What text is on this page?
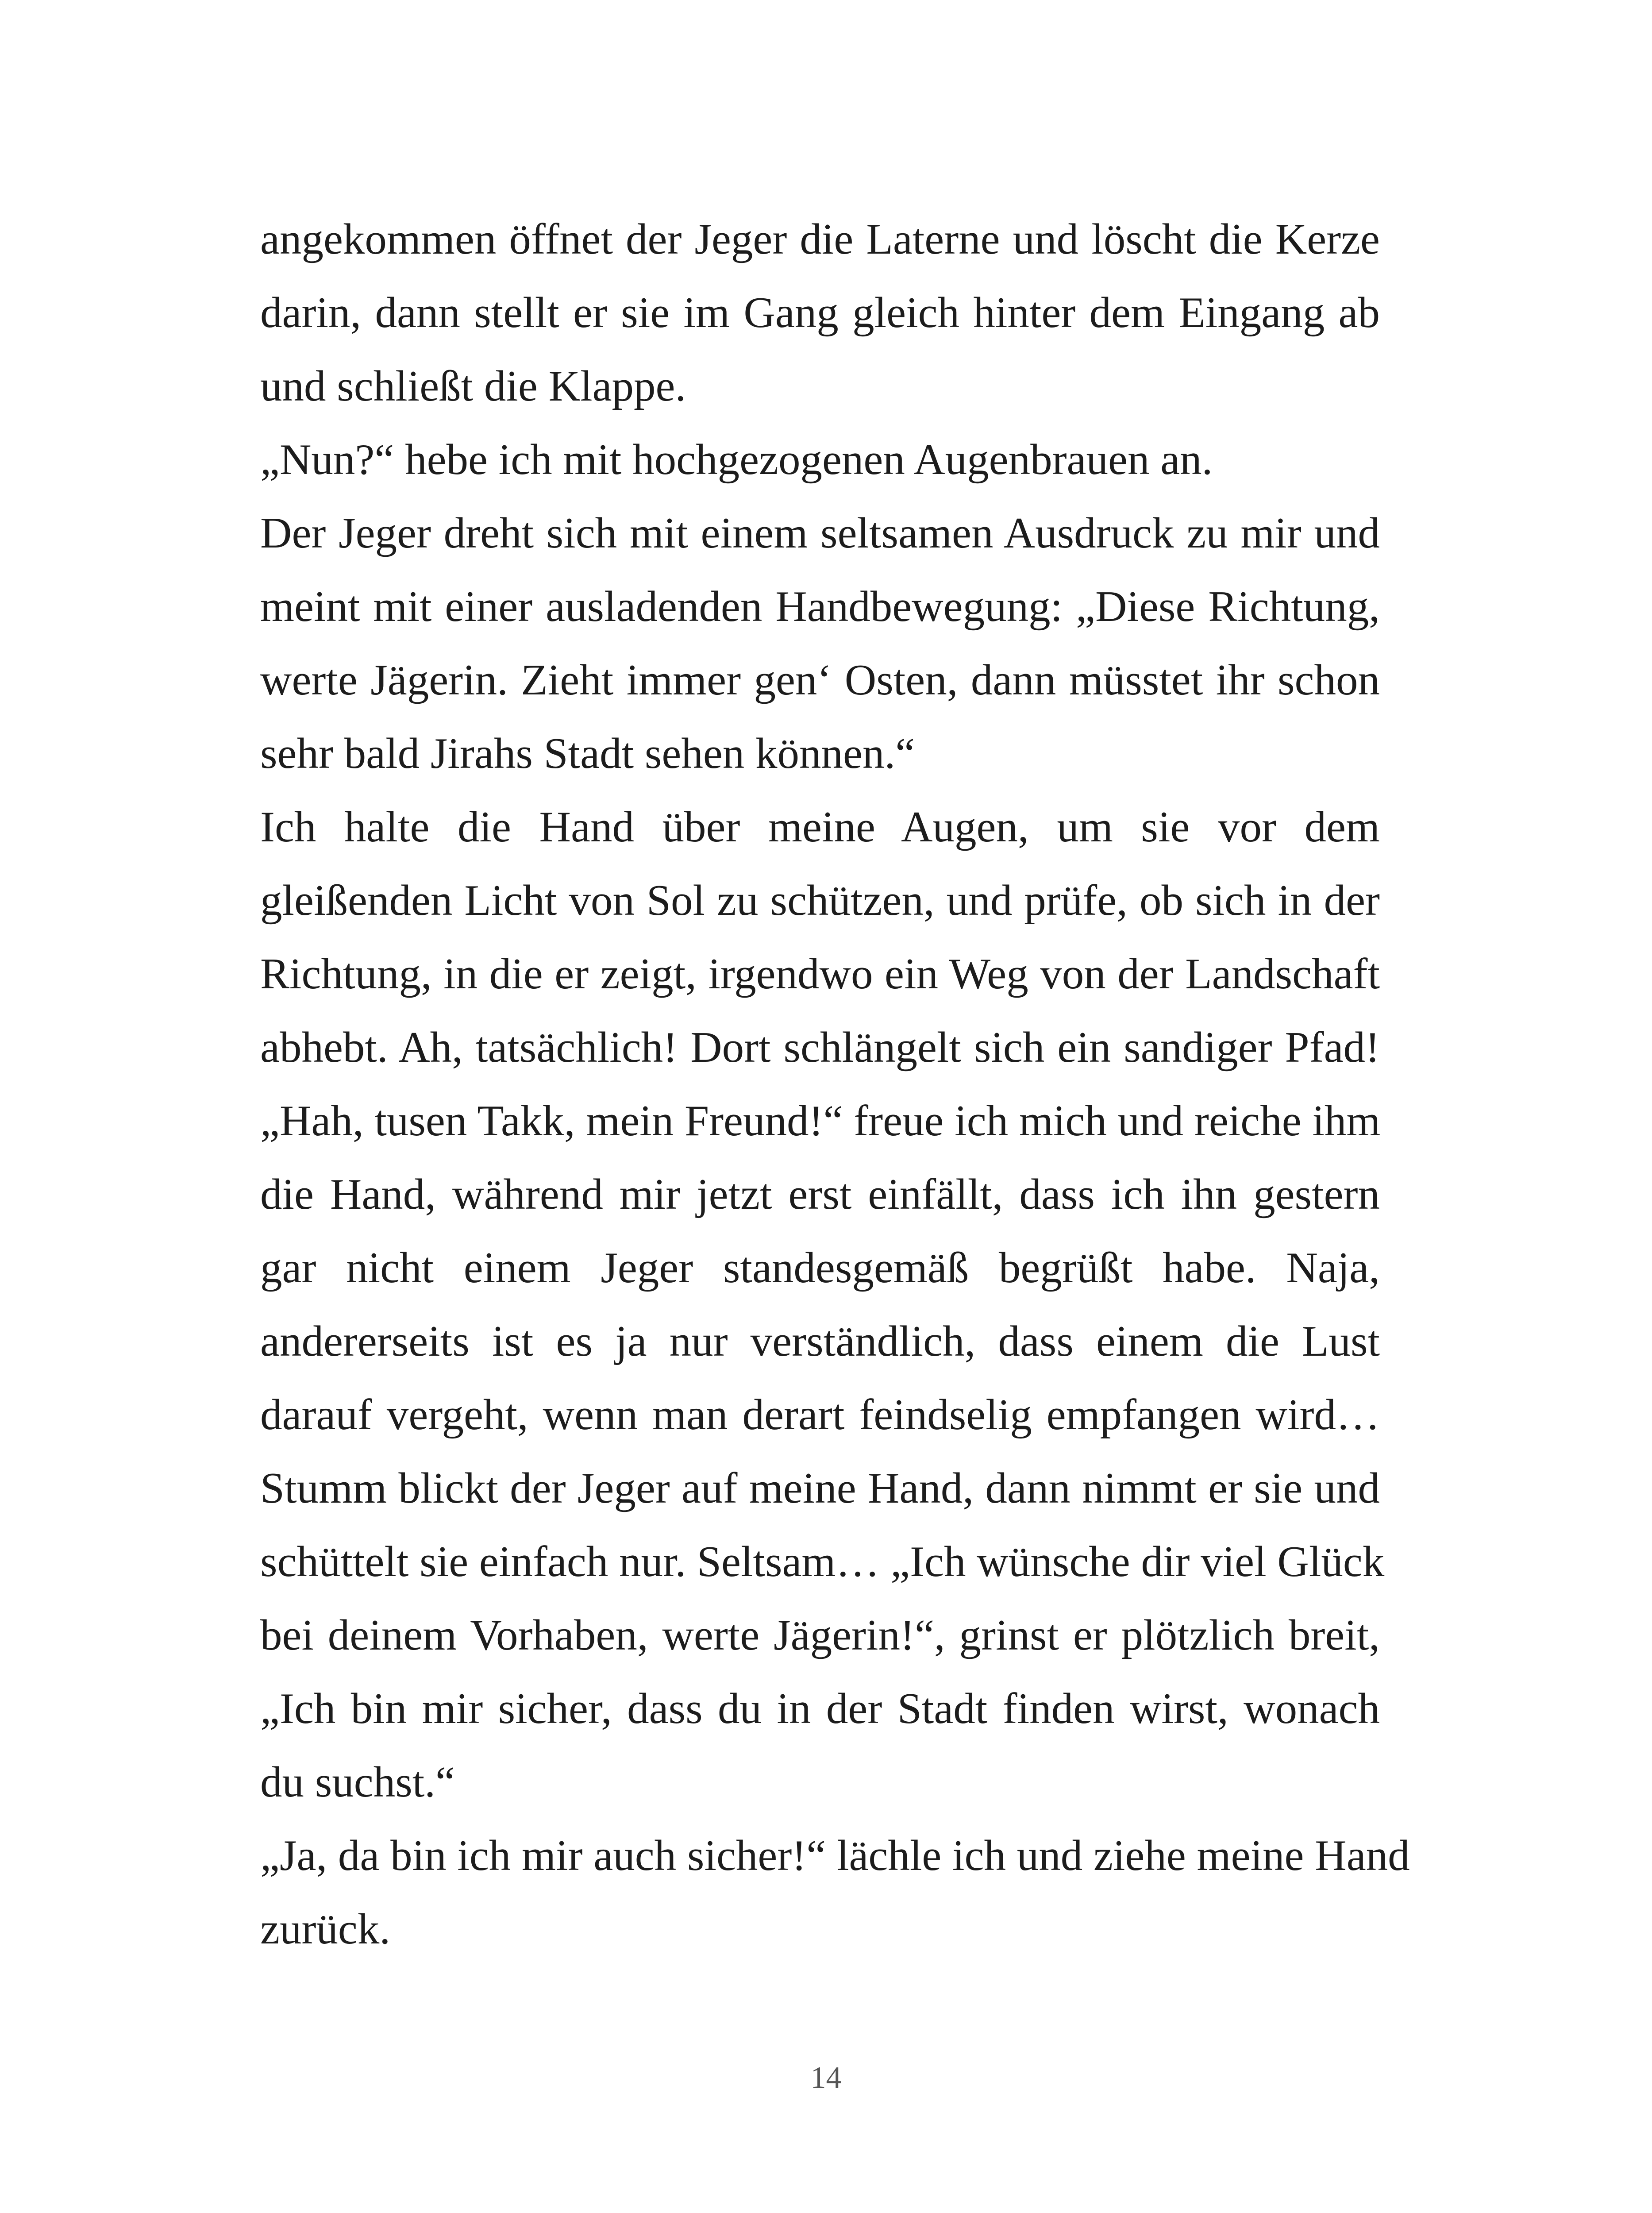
angekommen öffnet der Jeger die Laterne und löscht die Kerze
darin, dann stellt er sie im Gang gleich hinter dem Eingang ab
und schließt die Klappe.
„Nun?“ hebe ich mit hochgezogenen Augenbrauen an.
Der Jeger dreht sich mit einem seltsamen Ausdruck zu mir und
meint mit einer ausladenden Handbewegung: „Diese Richtung,
werte Jägerin. Zieht immer gen‘ Osten, dann müsstet ihr schon
sehr bald Jirahs Stadt sehen können.“
Ich halte die Hand über meine Augen, um sie vor dem
gleißenden Licht von Sol zu schützen, und prüfe, ob sich in der
Richtung, in die er zeigt, irgendwo ein Weg von der Landschaft
abhebt. Ah, tatsächlich! Dort schlängelt sich ein sandiger Pfad!
„Hah, tusen Takk, mein Freund!“ freue ich mich und reiche ihm
die Hand, während mir jetzt erst einfällt, dass ich ihn gestern
gar nicht einem Jeger standesgemäß begrüßt habe. Naja,
andererseits ist es ja nur verständlich, dass einem die Lust
darauf vergeht, wenn man derart feindselig empfangen wird…
Stumm blickt der Jeger auf meine Hand, dann nimmt er sie und
schüttelt sie einfach nur. Seltsam… „Ich wünsche dir viel Glück
bei deinem Vorhaben, werte Jägerin!“, grinst er plötzlich breit,
„Ich bin mir sicher, dass du in der Stadt finden wirst, wonach
du suchst.“
„Ja, da bin ich mir auch sicher!“ lächle ich und ziehe meine Hand
zurück.
14
